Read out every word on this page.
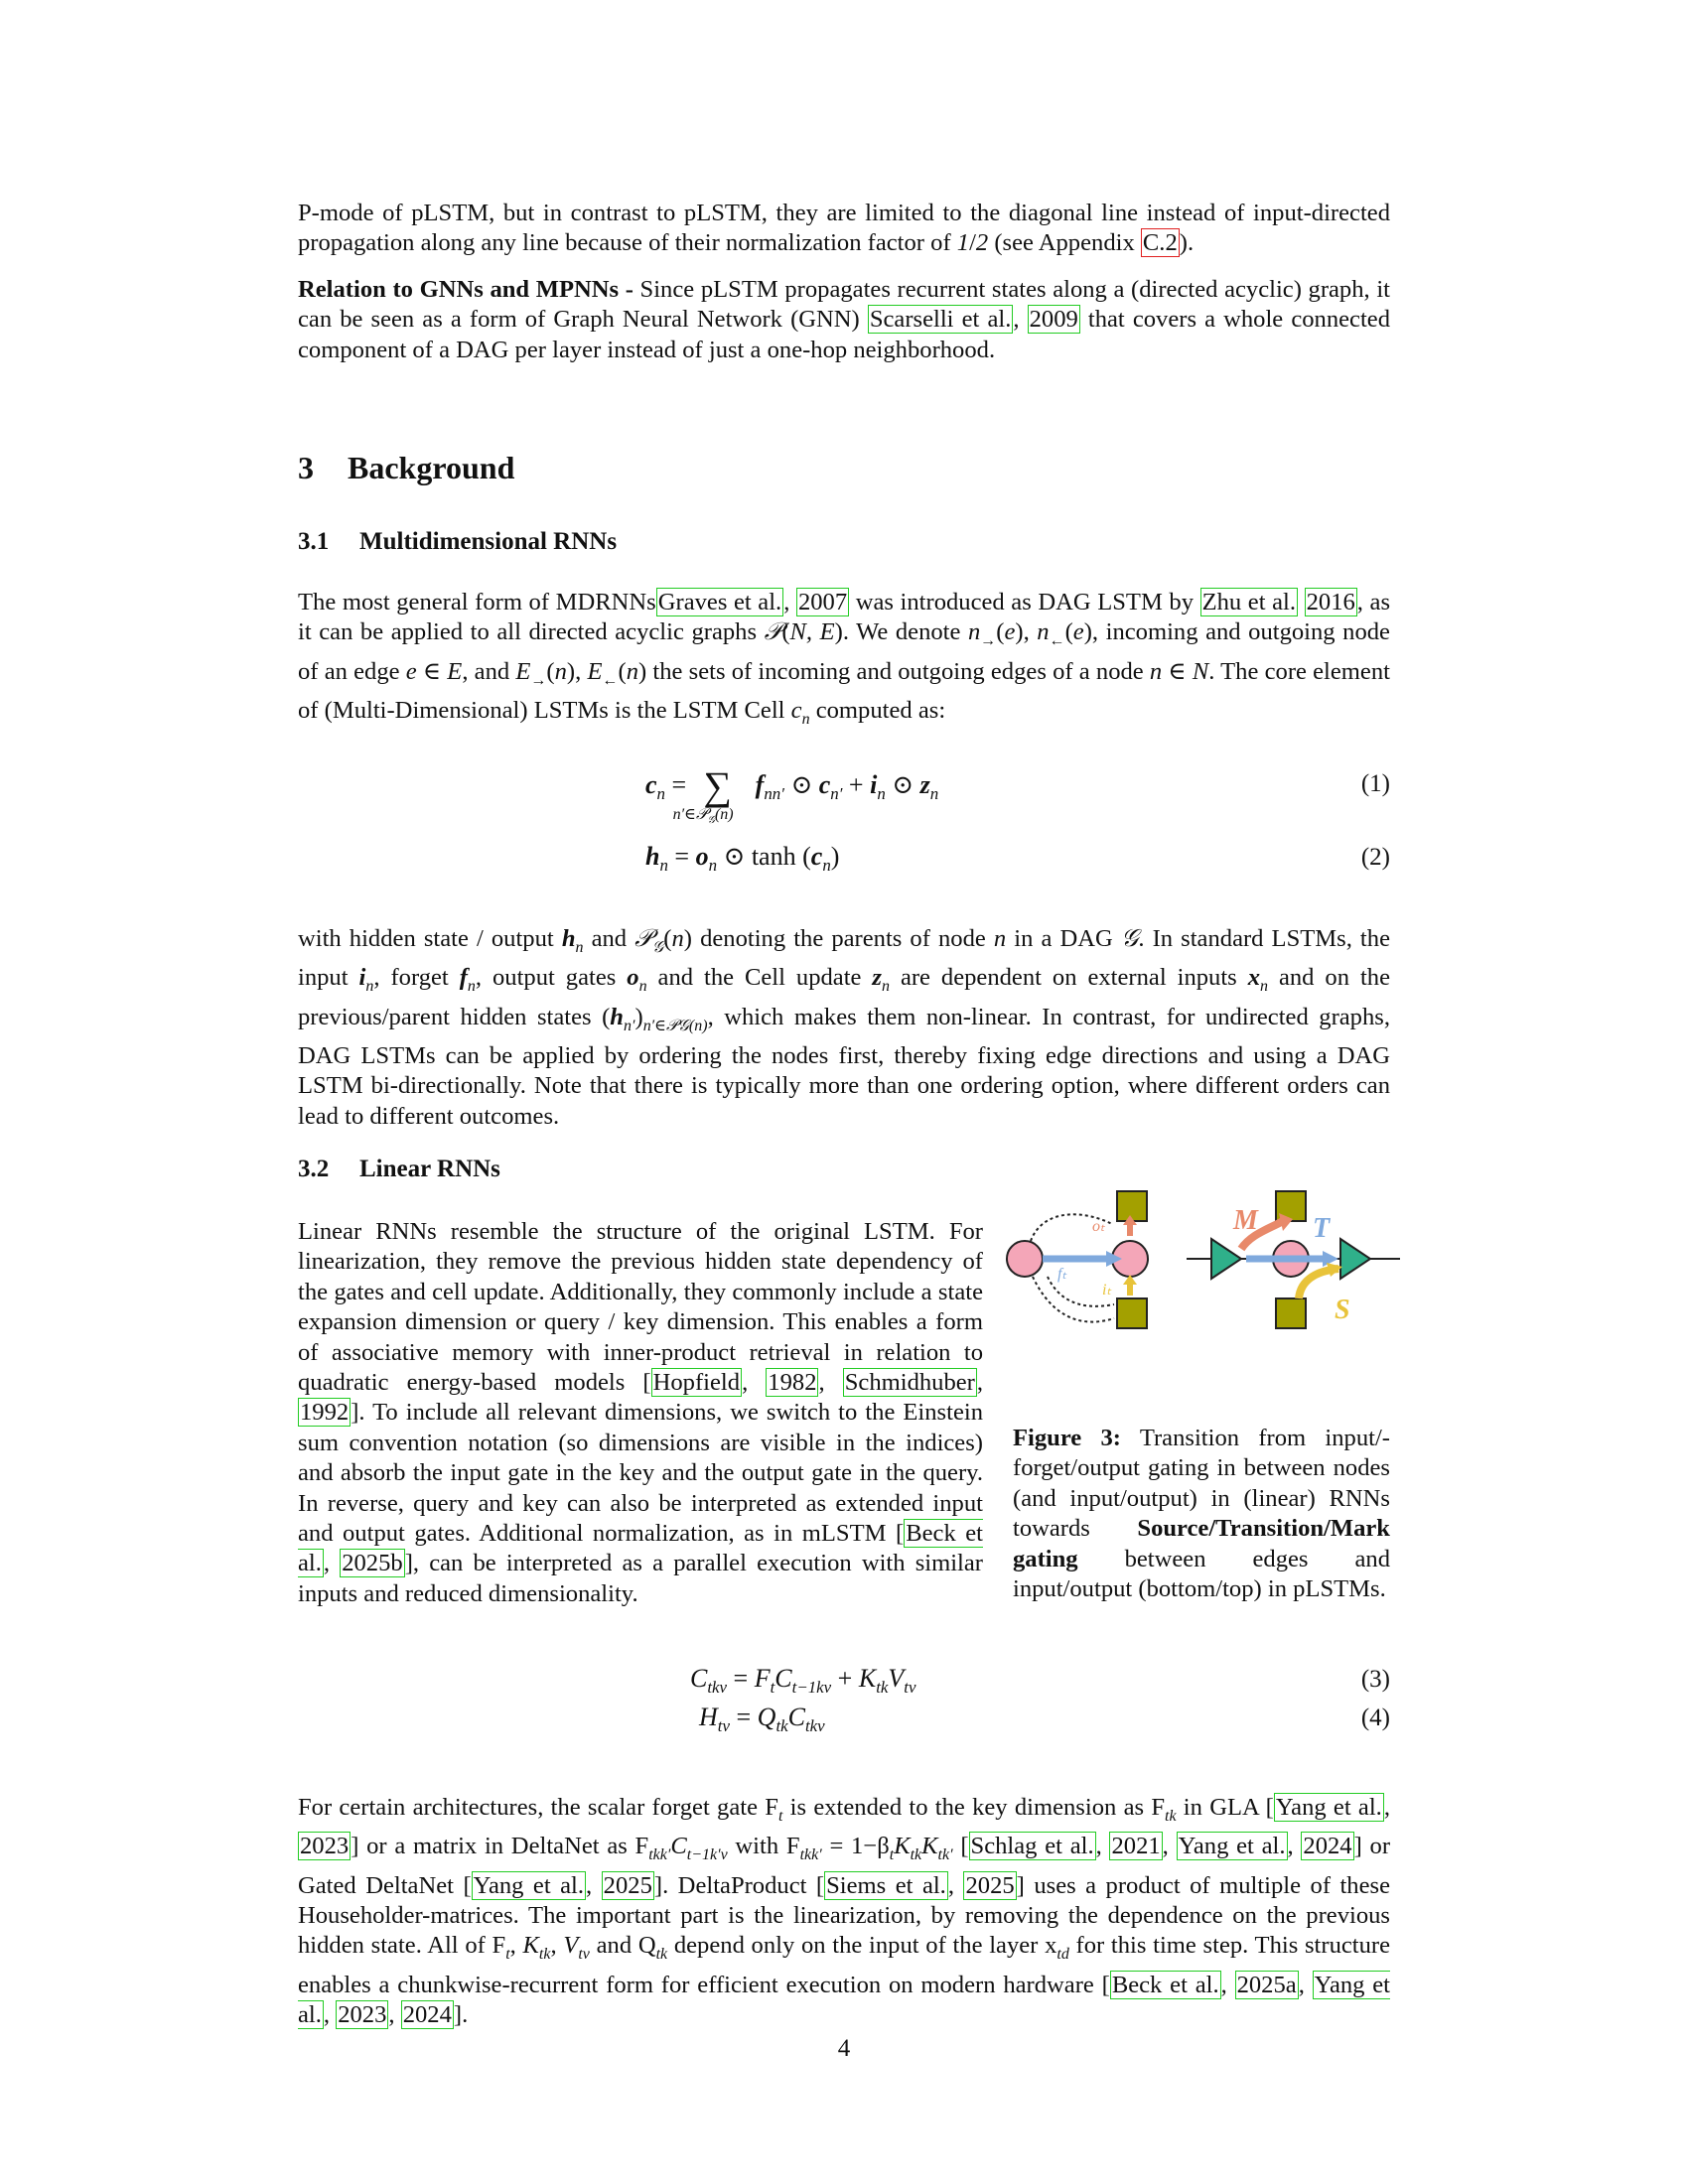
P-mode of pLSTM, but in contrast to pLSTM, they are limited to the diagonal line instead of input-directed propagation along any line because of their normalization factor of 1/2 (see Appendix C.2).

Relation to GNNs and MPNNs - Since pLSTM propagates recurrent states along a (directed acyclic) graph, it can be seen as a form of Graph Neural Network (GNN) Scarselli et al., 2009 that covers a whole connected component of a DAG per layer instead of just a one-hop neighborhood.

3 Background
3.1 Multidimensional RNNs

The most general form of MDRNNsGraves et al., 2007 was introduced as DAG LSTM by Zhu et al. 2016, as it can be applied to all directed acyclic graphs 𝒫(N, E). We denote $n_\to(e)$, $n_\leftarrow(e)$, incoming and outgoing node of an edge e ∈ E, and $E_\to(n)$, $E_\leftarrow(n)$ the sets of incoming and outgoing edges of a node n ∈ N. The core element of (Multi-Dimensional) LSTMs is the LSTM Cell $c_n$ computed as:

$c_n$ = ∑
n′∈𝒫$_𝒢$(n)
$f_{nn'}$ ⊙ $c_{n'} + i_n$ ⊙ $z_n$	(1)
$h_n = o_n$ ⊙ $\tanh (c_n)$	(2)

with hidden state / output $h_n$ and 𝒫$_𝒢$(n) denoting the parents of node n in a DAG 𝒢. In standard LSTMs, the input $i_n$, forget $f_n$, output gates $o_n$ and the Cell update $z_n$ are dependent on external inputs $x_n$ and on the previous/parent hidden states $(h_{n'})_{n'\in 𝒫𝒢(n)}$, which makes them non-linear. In contrast, for undirected graphs, DAG LSTMs can be applied by ordering the nodes first, thereby fixing edge directions and using a DAG LSTM bi-directionally. Note that there is typically more than one ordering option, where different orders can lead to different outcomes.

3.2 Linear RNNs

Linear RNNs resemble the structure of the original LSTM. For linearization, they remove the previous hidden state dependency of the gates and cell update. Additionally, they commonly include a state expansion dimension or query / key dimension. This enables a form of associative memory with inner-product retrieval in relation to quadratic energy-based models [Hopfield, 1982, Schmidhuber, 1992]. To include all relevant dimensions, we switch to the Einstein sum convention notation (so dimensions are visible in the indices) and absorb the input gate in the key and the output gate in the query. In reverse, query and key can also be interpreted as extended input and output gates. Additional normalization, as in mLSTM [Beck et al., 2025b], can be interpreted as a parallel execution with similar inputs and reduced dimensionality.

oₜ
fₜ
iₜ
M T
S

Figure 3: Transition from input/-forget/output gating in between nodes (and input/output) in (linear) RNNs towards Source/Transition/Mark gating between edges and input/output (bottom/top) in pLSTMs.

$C_{tkv} = F_tC_{t-1kv} + K_{tk}V_{tv}$	(3)
$H_{tv} = Q_{tk}C_{tkv}$	(4)

For certain architectures, the scalar forget gate $F_t$ is extended to the key dimension as $F_{tk}$ in GLA [Yang et al., 2023] or a matrix in DeltaNet as $F_{tkk'}C_{t-1k'v}$ with $F_{tkk'} = 1-\beta_tK_{tk}K_{tk'}$ [Schlag et al., 2021, Yang et al., 2024] or Gated DeltaNet [Yang et al., 2025]. DeltaProduct [Siems et al., 2025] uses a product of multiple of these Householder-matrices. The important part is the linearization, by removing the dependence on the previous hidden state. All of $F_t$, $K_{tk}$, $V_{tv}$ and $Q_{tk}$ depend only on the input of the layer $x_{td}$ for this time step. This structure enables a chunkwise-recurrent form for efficient execution on modern hardware [Beck et al., 2025a, Yang et al., 2023, 2024].

4
